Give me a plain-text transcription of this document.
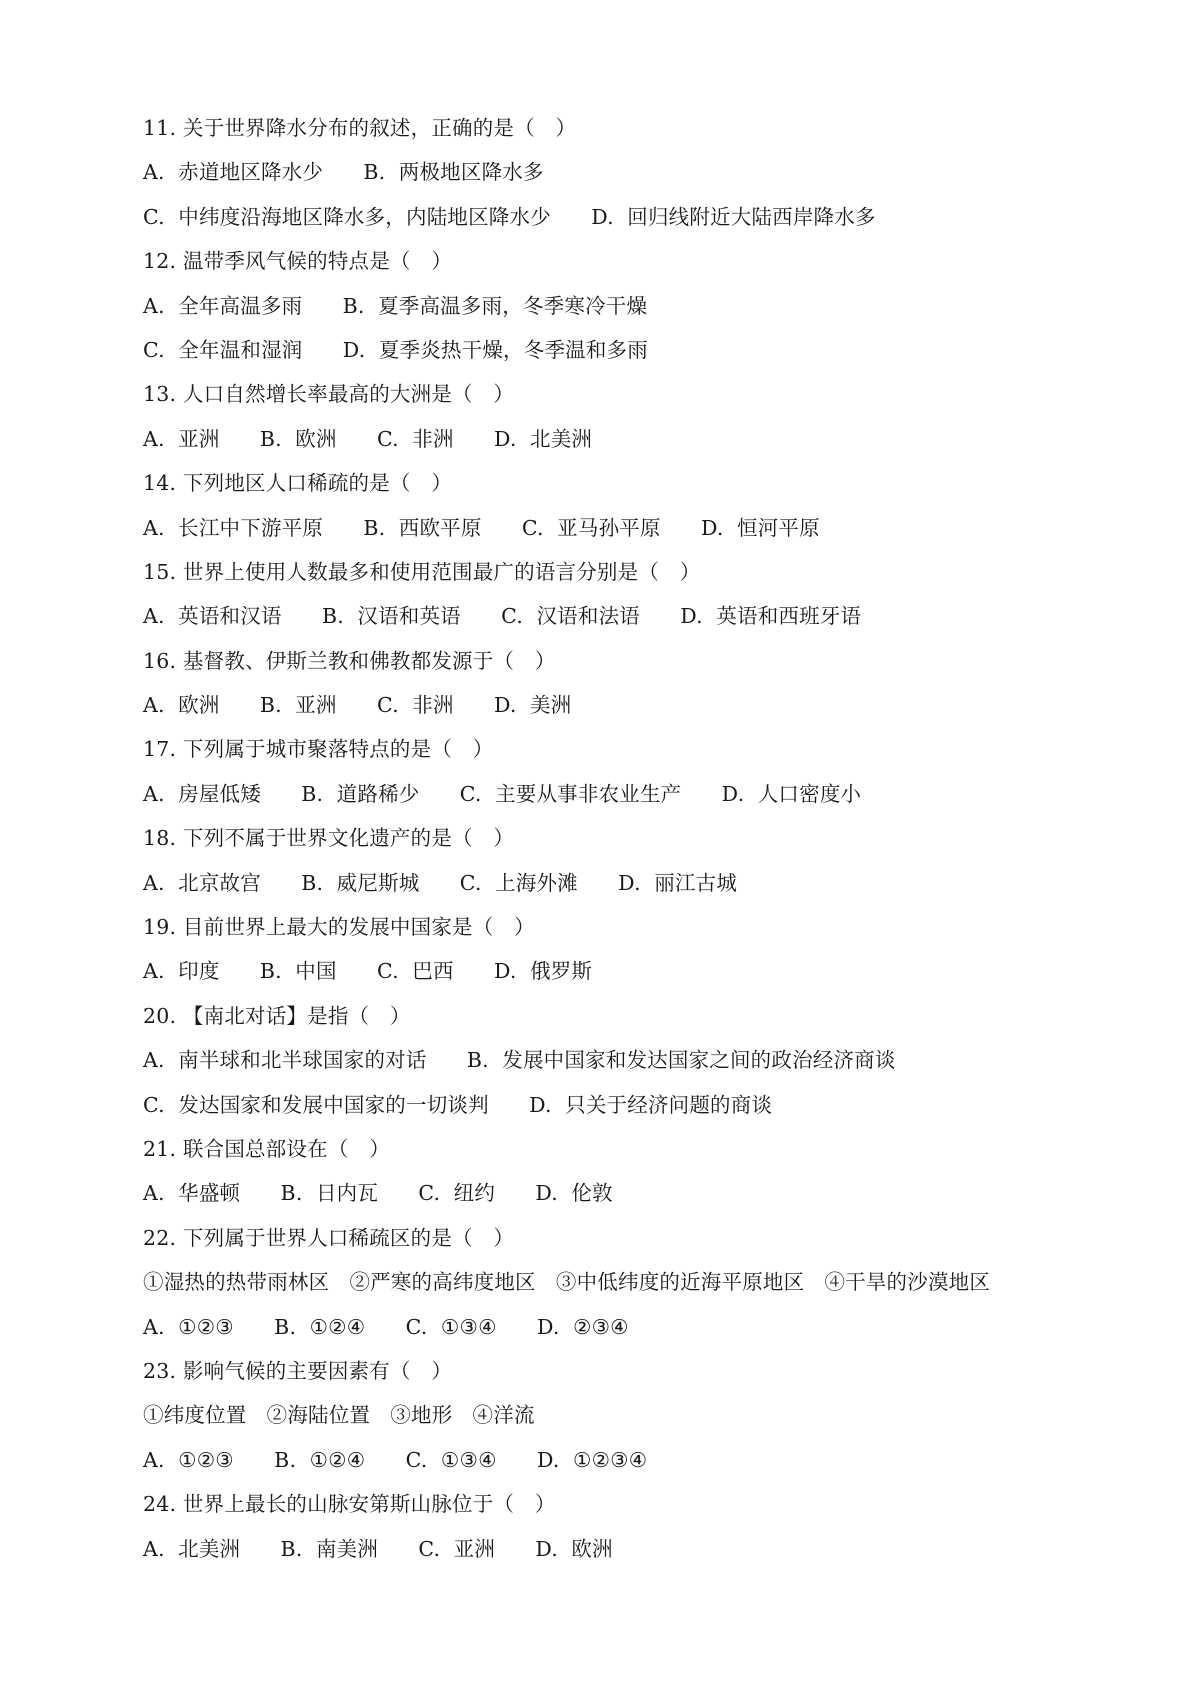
11. 关于世界降水分布的叙述，正确的是（　）
A.  赤道地区降水少      B.  两极地区降水多
C.  中纬度沿海地区降水多，内陆地区降水少      D.  回归线附近大陆西岸降水多
12. 温带季风气候的特点是（　）
A.  全年高温多雨      B.  夏季高温多雨，冬季寒冷干燥
C.  全年温和湿润      D.  夏季炎热干燥，冬季温和多雨
13. 人口自然增长率最高的大洲是（　）
A.  亚洲      B.  欧洲      C.  非洲      D.  北美洲
14. 下列地区人口稀疏的是（　）
A.  长江中下游平原      B.  西欧平原      C.  亚马孙平原      D.  恒河平原
15. 世界上使用人数最多和使用范围最广的语言分别是（　）
A.  英语和汉语      B.  汉语和英语      C.  汉语和法语      D.  英语和西班牙语
16. 基督教、伊斯兰教和佛教都发源于（　）
A.  欧洲      B.  亚洲      C.  非洲      D.  美洲
17. 下列属于城市聚落特点的是（　）
A.  房屋低矮      B.  道路稀少      C.  主要从事非农业生产      D.  人口密度小
18. 下列不属于世界文化遗产的是（　）
A.  北京故宫      B.  威尼斯城      C.  上海外滩      D.  丽江古城
19. 目前世界上最大的发展中国家是（　）
A.  印度      B.  中国      C.  巴西      D.  俄罗斯
20. 【南北对话】是指（　）
A.  南半球和北半球国家的对话      B.  发展中国家和发达国家之间的政治经济商谈
C.  发达国家和发展中国家的一切谈判      D.  只关于经济问题的商谈
21. 联合国总部设在（　）
A.  华盛顿      B.  日内瓦      C.  纽约      D.  伦敦
22. 下列属于世界人口稀疏区的是（　）
①湿热的热带雨林区   ②严寒的高纬度地区   ③中低纬度的近海平原地区   ④干旱的沙漠地区
A.  ①②③      B.  ①②④      C.  ①③④      D.  ②③④
23. 影响气候的主要因素有（　）
①纬度位置   ②海陆位置   ③地形   ④洋流
A.  ①②③      B.  ①②④      C.  ①③④      D.  ①②③④
24. 世界上最长的山脉安第斯山脉位于（　）
A.  北美洲      B.  南美洲      C.  亚洲      D.  欧洲
